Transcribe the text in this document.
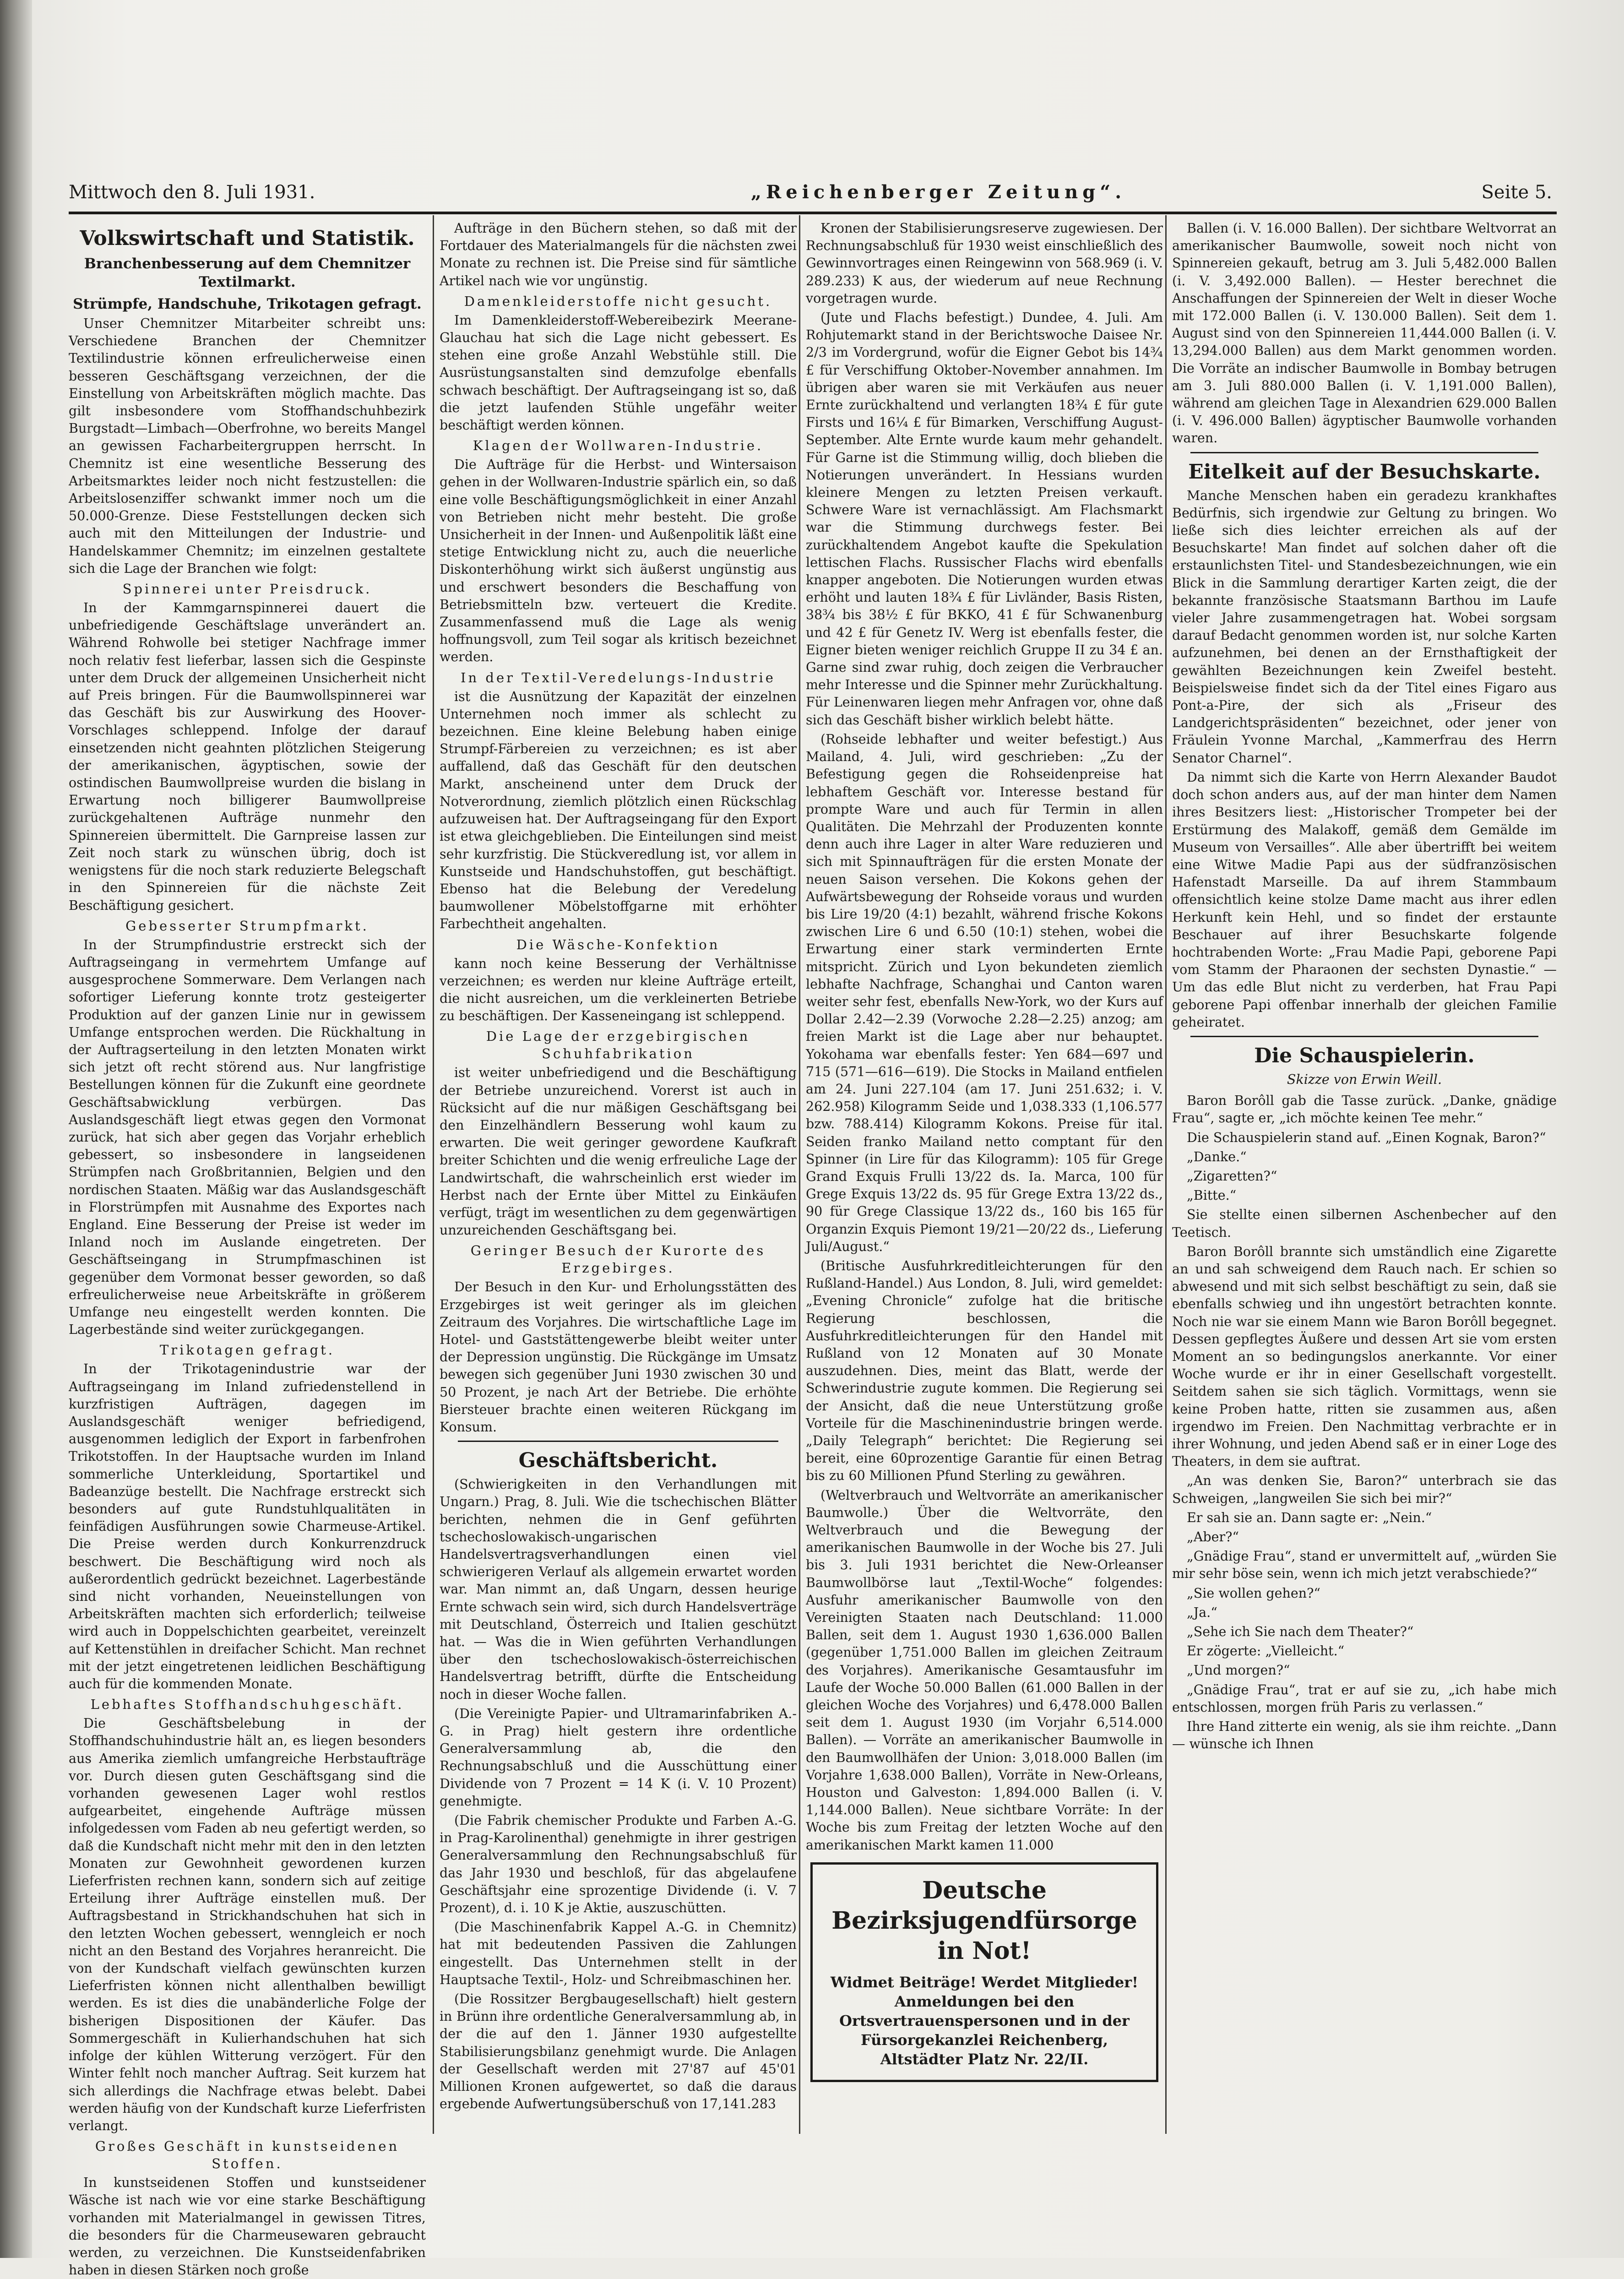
Mittwoch den 8. Juli 1931.	„Reichenberger Zeitung“.	Seite 5.
Volkswirtschaft und Statistik.
Branchenbesserung auf dem Chemnitzer Textilmarkt.
Strümpfe, Handschuhe, Trikotagen gefragt.

Unser Chemnitzer Mitarbeiter schreibt uns: Verschiedene Branchen der Chemnitzer Textilindustrie können erfreulicherweise einen besseren Geschäftsgang verzeichnen, der die Einstellung von Arbeitskräften möglich machte. Das gilt insbesondere vom Stoffhandschuhbezirk Burgstadt—Limbach—Oberfrohne, wo bereits Mangel an gewissen Facharbeitergruppen herrscht. In Chemnitz ist eine wesentliche Besserung des Arbeitsmarktes leider noch nicht festzustellen: die Arbeitslosenziffer schwankt immer noch um die 50.000-Grenze. Diese Feststellungen decken sich auch mit den Mitteilungen der Industrie- und Handelskammer Chemnitz; im einzelnen gestaltete sich die Lage der Branchen wie folgt:

Spinnerei unter Preisdruck.

In der Kammgarnspinnerei dauert die unbefriedigende Geschäftslage unverändert an. Während Rohwolle bei stetiger Nachfrage immer noch relativ fest lieferbar, lassen sich die Gespinste unter dem Druck der allgemeinen Unsicherheit nicht auf Preis bringen. Für die Baumwollspinnerei war das Geschäft bis zur Auswirkung des Hoover-Vorschlages schleppend. Infolge der darauf einsetzenden nicht geahnten plötzlichen Steigerung der amerikanischen, ägyptischen, sowie der ostindischen Baumwollpreise wurden die bislang in Erwartung noch billigerer Baumwollpreise zurückgehaltenen Aufträge nunmehr den Spinnereien übermittelt. Die Garnpreise lassen zur Zeit noch stark zu wünschen übrig, doch ist wenigstens für die noch stark reduzierte Belegschaft in den Spinnereien für die nächste Zeit Beschäftigung gesichert.

Gebesserter Strumpfmarkt.

In der Strumpfindustrie erstreckt sich der Auftragseingang in vermehrtem Umfange auf ausgesprochene Sommerware. Dem Verlangen nach sofortiger Lieferung konnte trotz gesteigerter Produktion auf der ganzen Linie nur in gewissem Umfange entsprochen werden. Die Rückhaltung in der Auftragserteilung in den letzten Monaten wirkt sich jetzt oft recht störend aus. Nur langfristige Bestellungen können für die Zukunft eine geordnete Geschäftsabwicklung verbürgen. Das Auslandsgeschäft liegt etwas gegen den Vormonat zurück, hat sich aber gegen das Vorjahr erheblich gebessert, so insbesondere in langseidenen Strümpfen nach Großbritannien, Belgien und den nordischen Staaten. Mäßig war das Auslandsgeschäft in Florstrümpfen mit Ausnahme des Exportes nach England. Eine Besserung der Preise ist weder im Inland noch im Auslande eingetreten. Der Geschäftseingang in Strumpfmaschinen ist gegenüber dem Vormonat besser geworden, so daß erfreulicherweise neue Arbeitskräfte in größerem Umfange neu eingestellt werden konnten. Die Lagerbestände sind weiter zurückgegangen.

Trikotagen gefragt.

In der Trikotagenindustrie war der Auftragseingang im Inland zufriedenstellend in kurzfristigen Aufträgen, dagegen im Auslandsgeschäft weniger befriedigend, ausgenommen lediglich der Export in farbenfrohen Trikotstoffen. In der Hauptsache wurden im Inland sommerliche Unterkleidung, Sportartikel und Badeanzüge bestellt. Die Nachfrage erstreckt sich besonders auf gute Rundstuhlqualitäten in feinfädigen Ausführungen sowie Charmeuse-Artikel. Die Preise werden durch Konkurrenzdruck beschwert. Die Beschäftigung wird noch als außerordentlich gedrückt bezeichnet. Lagerbestände sind nicht vorhanden, Neueinstellungen von Arbeitskräften machten sich erforderlich; teilweise wird auch in Doppelschichten gearbeitet, vereinzelt auf Kettenstühlen in dreifacher Schicht. Man rechnet mit der jetzt eingetretenen leidlichen Beschäftigung auch für die kommenden Monate.

Lebhaftes Stoffhandschuhgeschäft.

Die Geschäftsbelebung in der Stoffhandschuhindustrie hält an, es liegen besonders aus Amerika ziemlich umfangreiche Herbstaufträge vor. Durch diesen guten Geschäftsgang sind die vorhanden gewesenen Lager wohl restlos aufgearbeitet, eingehende Aufträge müssen infolgedessen vom Faden ab neu gefertigt werden, so daß die Kundschaft nicht mehr mit den in den letzten Monaten zur Gewohnheit gewordenen kurzen Lieferfristen rechnen kann, sondern sich auf zeitige Erteilung ihrer Aufträge einstellen muß. Der Auftragsbestand in Strickhandschuhen hat sich in den letzten Wochen gebessert, wenngleich er noch nicht an den Bestand des Vorjahres heranreicht. Die von der Kundschaft vielfach gewünschten kurzen Lieferfristen können nicht allenthalben bewilligt werden. Es ist dies die unabänderliche Folge der bisherigen Dispositionen der Käufer. Das Sommergeschäft in Kulierhandschuhen hat sich infolge der kühlen Witterung verzögert. Für den Winter fehlt noch mancher Auftrag. Seit kurzem hat sich allerdings die Nachfrage etwas belebt. Dabei werden häufig von der Kundschaft kurze Lieferfristen verlangt.

Großes Geschäft in kunstseidenen Stoffen.

In kunstseidenen Stoffen und kunstseidener Wäsche ist nach wie vor eine starke Beschäftigung vorhanden mit Materialmangel in gewissen Titres, die besonders für die Charmeusewaren gebraucht werden, zu verzeichnen. Die Kunstseidenfabriken haben in diesen Stärken noch große

Aufträge in den Büchern stehen, so daß mit der Fortdauer des Materialmangels für die nächsten zwei Monate zu rechnen ist. Die Preise sind für sämtliche Artikel nach wie vor ungünstig.

Damenkleiderstoffe nicht gesucht.

Im Damenkleiderstoff-Webereibezirk Meerane-Glauchau hat sich die Lage nicht gebessert. Es stehen eine große Anzahl Webstühle still. Die Ausrüstungsanstalten sind demzufolge ebenfalls schwach beschäftigt. Der Auftragseingang ist so, daß die jetzt laufenden Stühle ungefähr weiter beschäftigt werden können.

Klagen der Wollwaren-Industrie.

Die Aufträge für die Herbst- und Wintersaison gehen in der Wollwaren-Industrie spärlich ein, so daß eine volle Beschäftigungsmöglichkeit in einer Anzahl von Betrieben nicht mehr besteht. Die große Unsicherheit in der Innen- und Außenpolitik läßt eine stetige Entwicklung nicht zu, auch die neuerliche Diskonterhöhung wirkt sich äußerst ungünstig aus und erschwert besonders die Beschaffung von Betriebsmitteln bzw. verteuert die Kredite. Zusammenfassend muß die Lage als wenig hoffnungsvoll, zum Teil sogar als kritisch bezeichnet werden.

In der Textil-Veredelungs-Industrie

ist die Ausnützung der Kapazität der einzelnen Unternehmen noch immer als schlecht zu bezeichnen. Eine kleine Belebung haben einige Strumpf-Färbereien zu verzeichnen; es ist aber auffallend, daß das Geschäft für den deutschen Markt, anscheinend unter dem Druck der Notverordnung, ziemlich plötzlich einen Rückschlag aufzuweisen hat. Der Auftragseingang für den Export ist etwa gleichgeblieben. Die Einteilungen sind meist sehr kurzfristig. Die Stückveredlung ist, vor allem in Kunstseide und Handschuhstoffen, gut beschäftigt. Ebenso hat die Belebung der Veredelung baumwollener Möbelstoffgarne mit erhöhter Farbechtheit angehalten.

Die Wäsche-Konfektion

kann noch keine Besserung der Verhältnisse verzeichnen; es werden nur kleine Aufträge erteilt, die nicht ausreichen, um die verkleinerten Betriebe zu beschäftigen. Der Kasseneingang ist schleppend.

Die Lage der erzgebirgischen Schuhfabrikation

ist weiter unbefriedigend und die Beschäftigung der Betriebe unzureichend. Vorerst ist auch in Rücksicht auf die nur mäßigen Geschäftsgang bei den Einzelhändlern Besserung wohl kaum zu erwarten. Die weit geringer gewordene Kaufkraft breiter Schichten und die wenig erfreuliche Lage der Landwirtschaft, die wahrscheinlich erst wieder im Herbst nach der Ernte über Mittel zu Einkäufen verfügt, trägt im wesentlichen zu dem gegenwärtigen unzureichenden Geschäftsgang bei.

Geringer Besuch der Kurorte des Erzgebirges.

Der Besuch in den Kur- und Erholungsstätten des Erzgebirges ist weit geringer als im gleichen Zeitraum des Vorjahres. Die wirtschaftliche Lage im Hotel- und Gaststättengewerbe bleibt weiter unter der Depression ungünstig. Die Rückgänge im Umsatz bewegen sich gegenüber Juni 1930 zwischen 30 und 50 Prozent, je nach Art der Betriebe. Die erhöhte Biersteuer brachte einen weiteren Rückgang im Konsum.

Geschäftsbericht.

(Schwierigkeiten in den Verhandlungen mit Ungarn.) Prag, 8. Juli. Wie die tschechischen Blätter berichten, nehmen die in Genf geführten tschechoslowakisch-ungarischen Handelsvertragsverhandlungen einen viel schwierigeren Verlauf als allgemein erwartet worden war. Man nimmt an, daß Ungarn, dessen heurige Ernte schwach sein wird, sich durch Handelsverträge mit Deutschland, Österreich und Italien geschützt hat. — Was die in Wien geführten Verhandlungen über den tschechoslowakisch-österreichischen Handelsvertrag betrifft, dürfte die Entscheidung noch in dieser Woche fallen.

(Die Vereinigte Papier- und Ultramarinfabriken A.-G. in Prag) hielt gestern ihre ordentliche Generalversammlung ab, die den Rechnungsabschluß und die Ausschüttung einer Dividende von 7 Prozent = 14 K (i. V. 10 Prozent) genehmigte.

(Die Fabrik chemischer Produkte und Farben A.-G. in Prag-Karolinenthal) genehmigte in ihrer gestrigen Generalversammlung den Rechnungsabschluß für das Jahr 1930 und beschloß, für das abgelaufene Geschäftsjahr eine sprozentige Dividende (i. V. 7 Prozent), d. i. 10 K je Aktie, auszuschütten.

(Die Maschinenfabrik Kappel A.-G. in Chemnitz) hat mit bedeutenden Passiven die Zahlungen eingestellt. Das Unternehmen stellt in der Hauptsache Textil-, Holz- und Schreibmaschinen her.

(Die Rossitzer Bergbaugesellschaft) hielt gestern in Brünn ihre ordentliche Generalversammlung ab, in der die auf den 1. Jänner 1930 aufgestellte Stabilisierungsbilanz genehmigt wurde. Die Anlagen der Gesellschaft werden mit 27'87 auf 45'01 Millionen Kronen aufgewertet, so daß die daraus ergebende Aufwertungsüberschuß von 17,141.283

Kronen der Stabilisierungsreserve zugewiesen. Der Rechnungsabschluß für 1930 weist einschließlich des Gewinnvortrages einen Reingewinn von 568.969 (i. V. 289.233) K aus, der wiederum auf neue Rechnung vorgetragen wurde.

(Jute und Flachs befestigt.) Dundee, 4. Juli. Am Rohjutemarkt stand in der Berichtswoche Daisee Nr. 2/3 im Vordergrund, wofür die Eigner Gebot bis 14¾ £ für Verschiffung Oktober-November annahmen. Im übrigen aber waren sie mit Verkäufen aus neuer Ernte zurückhaltend und verlangten 18¾ £ für gute Firsts und 16¼ £ für Bimarken, Verschiffung August-September. Alte Ernte wurde kaum mehr gehandelt. Für Garne ist die Stimmung willig, doch blieben die Notierungen unverändert. In Hessians wurden kleinere Mengen zu letzten Preisen verkauft. Schwere Ware ist vernachlässigt. Am Flachsmarkt war die Stimmung durchwegs fester. Bei zurückhaltendem Angebot kaufte die Spekulation lettischen Flachs. Russischer Flachs wird ebenfalls knapper angeboten. Die Notierungen wurden etwas erhöht und lauten 18¾ £ für Livländer, Basis Risten, 38¾ bis 38½ £ für BKKO, 41 £ für Schwanenburg und 42 £ für Genetz IV. Werg ist ebenfalls fester, die Eigner bieten weniger reichlich Gruppe II zu 34 £ an. Garne sind zwar ruhig, doch zeigen die Verbraucher mehr Interesse und die Spinner mehr Zurückhaltung. Für Leinenwaren liegen mehr Anfragen vor, ohne daß sich das Geschäft bisher wirklich belebt hätte.

(Rohseide lebhafter und weiter befestigt.) Aus Mailand, 4. Juli, wird geschrieben: „Zu der Befestigung gegen die Rohseidenpreise hat lebhaftem Geschäft vor. Interesse bestand für prompte Ware und auch für Termin in allen Qualitäten. Die Mehrzahl der Produzenten konnte denn auch ihre Lager in alter Ware reduzieren und sich mit Spinnaufträgen für die ersten Monate der neuen Saison versehen. Die Kokons gehen der Aufwärtsbewegung der Rohseide voraus und wurden bis Lire 19/20 (4:1) bezahlt, während frische Kokons zwischen Lire 6 und 6.50 (10:1) stehen, wobei die Erwartung einer stark verminderten Ernte mitspricht. Zürich und Lyon bekundeten ziemlich lebhafte Nachfrage, Schanghai und Canton waren weiter sehr fest, ebenfalls New-York, wo der Kurs auf Dollar 2.42—2.39 (Vorwoche 2.28—2.25) anzog; am freien Markt ist die Lage aber nur behauptet. Yokohama war ebenfalls fester: Yen 684—697 und 715 (571—616—619). Die Stocks in Mailand entfielen am 24. Juni 227.104 (am 17. Juni 251.632; i. V. 262.958) Kilogramm Seide und 1,038.333 (1,106.577 bzw. 788.414) Kilogramm Kokons. Preise für ital. Seiden franko Mailand netto comptant für den Spinner (in Lire für das Kilogramm): 105 für Grege Grand Exquis Frulli 13/22 ds. Ia. Marca, 100 für Grege Exquis 13/22 ds. 95 für Grege Extra 13/22 ds., 90 für Grege Classique 13/22 ds., 160 bis 165 für Organzin Exquis Piemont 19/21—20/22 ds., Lieferung Juli/August.“

(Britische Ausfuhrkreditleichterungen für den Rußland-Handel.) Aus London, 8. Juli, wird gemeldet: „Evening Chronicle“ zufolge hat die britische Regierung beschlossen, die Ausfuhrkreditleichterungen für den Handel mit Rußland von 12 Monaten auf 30 Monate auszudehnen. Dies, meint das Blatt, werde der Schwerindustrie zugute kommen. Die Regierung sei der Ansicht, daß die neue Unterstützung große Vorteile für die Maschinenindustrie bringen werde. „Daily Telegraph“ berichtet: Die Regierung sei bereit, eine 60prozentige Garantie für einen Betrag bis zu 60 Millionen Pfund Sterling zu gewähren.

(Weltverbrauch und Weltvorräte an amerikanischer Baumwolle.) Über die Weltvorräte, den Weltverbrauch und die Bewegung der amerikanischen Baumwolle in der Woche bis 27. Juli bis 3. Juli 1931 berichtet die New-Orleanser Baumwollbörse laut „Textil-Woche“ folgendes: Ausfuhr amerikanischer Baumwolle von den Vereinigten Staaten nach Deutschland: 11.000 Ballen, seit dem 1. August 1930 1,636.000 Ballen (gegenüber 1,751.000 Ballen im gleichen Zeitraum des Vorjahres). Amerikanische Gesamtausfuhr im Laufe der Woche 50.000 Ballen (61.000 Ballen in der gleichen Woche des Vorjahres) und 6,478.000 Ballen seit dem 1. August 1930 (im Vorjahr 6,514.000 Ballen). — Vorräte an amerikanischer Baumwolle in den Baumwollhäfen der Union: 3,018.000 Ballen (im Vorjahre 1,638.000 Ballen), Vorräte in New-Orleans, Houston und Galveston: 1,894.000 Ballen (i. V. 1,144.000 Ballen). Neue sichtbare Vorräte: In der Woche bis zum Freitag der letzten Woche auf den amerikanischen Markt kamen 11.000

Deutsche Bezirksjugendfürsorge in Not!
Widmet Beiträge! Werdet Mitglieder! Anmeldungen bei den Ortsvertrauenspersonen und in der Fürsorgekanzlei Reichenberg, Altstädter Platz Nr. 22/II.

Ballen (i. V. 16.000 Ballen). Der sichtbare Weltvorrat an amerikanischer Baumwolle, soweit noch nicht von Spinnereien gekauft, betrug am 3. Juli 5,482.000 Ballen (i. V. 3,492.000 Ballen). — Hester berechnet die Anschaffungen der Spinnereien der Welt in dieser Woche mit 172.000 Ballen (i. V. 130.000 Ballen). Seit dem 1. August sind von den Spinnereien 11,444.000 Ballen (i. V. 13,294.000 Ballen) aus dem Markt genommen worden. Die Vorräte an indischer Baumwolle in Bombay betrugen am 3. Juli 880.000 Ballen (i. V. 1,191.000 Ballen), während am gleichen Tage in Alexandrien 629.000 Ballen (i. V. 496.000 Ballen) ägyptischer Baumwolle vorhanden waren.

Eitelkeit auf der Besuchskarte.

Manche Menschen haben ein geradezu krankhaftes Bedürfnis, sich irgendwie zur Geltung zu bringen. Wo ließe sich dies leichter erreichen als auf der Besuchskarte! Man findet auf solchen daher oft die erstaunlichsten Titel- und Standesbezeichnungen, wie ein Blick in die Sammlung derartiger Karten zeigt, die der bekannte französische Staatsmann Barthou im Laufe vieler Jahre zusammengetragen hat. Wobei sorgsam darauf Bedacht genommen worden ist, nur solche Karten aufzunehmen, bei denen an der Ernsthaftigkeit der gewählten Bezeichnungen kein Zweifel besteht. Beispielsweise findet sich da der Titel eines Figaro aus Pont-a-Pire, der sich als „Friseur des Landgerichtspräsidenten“ bezeichnet, oder jener von Fräulein Yvonne Marchal, „Kammerfrau des Herrn Senator Charnel“.

Da nimmt sich die Karte von Herrn Alexander Baudot doch schon anders aus, auf der man hinter dem Namen ihres Besitzers liest: „Historischer Trompeter bei der Erstürmung des Malakoff, gemäß dem Gemälde im Museum von Versailles“. Alle aber übertrifft bei weitem eine Witwe Madie Papi aus der südfranzösischen Hafenstadt Marseille. Da auf ihrem Stammbaum offensichtlich keine stolze Dame macht aus ihrer edlen Herkunft kein Hehl, und so findet der erstaunte Beschauer auf ihrer Besuchskarte folgende hochtrabenden Worte: „Frau Madie Papi, geborene Papi vom Stamm der Pharaonen der sechsten Dynastie.“ — Um das edle Blut nicht zu verderben, hat Frau Papi geborene Papi offenbar innerhalb der gleichen Familie geheiratet.

Die Schauspielerin.
Skizze von Erwin Weill.

Baron Borôll gab die Tasse zurück. „Danke, gnädige Frau“, sagte er, „ich möchte keinen Tee mehr.“

Die Schauspielerin stand auf. „Einen Kognak, Baron?“

„Danke.“

„Zigaretten?“

„Bitte.“

Sie stellte einen silbernen Aschenbecher auf den Teetisch.

Baron Borôll brannte sich umständlich eine Zigarette an und sah schweigend dem Rauch nach. Er schien so abwesend und mit sich selbst beschäftigt zu sein, daß sie ebenfalls schwieg und ihn ungestört betrachten konnte. Noch nie war sie einem Mann wie Baron Borôll begegnet. Dessen gepflegtes Äußere und dessen Art sie vom ersten Moment an so bedingungslos anerkannte. Vor einer Woche wurde er ihr in einer Gesellschaft vorgestellt. Seitdem sahen sie sich täglich. Vormittags, wenn sie keine Proben hatte, ritten sie zusammen aus, aßen irgendwo im Freien. Den Nachmittag verbrachte er in ihrer Wohnung, und jeden Abend saß er in einer Loge des Theaters, in dem sie auftrat.

„An was denken Sie, Baron?“ unterbrach sie das Schweigen, „langweilen Sie sich bei mir?“

Er sah sie an. Dann sagte er: „Nein.“

„Aber?“

„Gnädige Frau“, stand er unvermittelt auf, „würden Sie mir sehr böse sein, wenn ich mich jetzt verabschiede?“

„Sie wollen gehen?“

„Ja.“

„Sehe ich Sie nach dem Theater?“

Er zögerte: „Vielleicht.“

„Und morgen?“

„Gnädige Frau“, trat er auf sie zu, „ich habe mich entschlossen, morgen früh Paris zu verlassen.“

Ihre Hand zitterte ein wenig, als sie ihm reichte. „Dann — wünsche ich Ihnen
